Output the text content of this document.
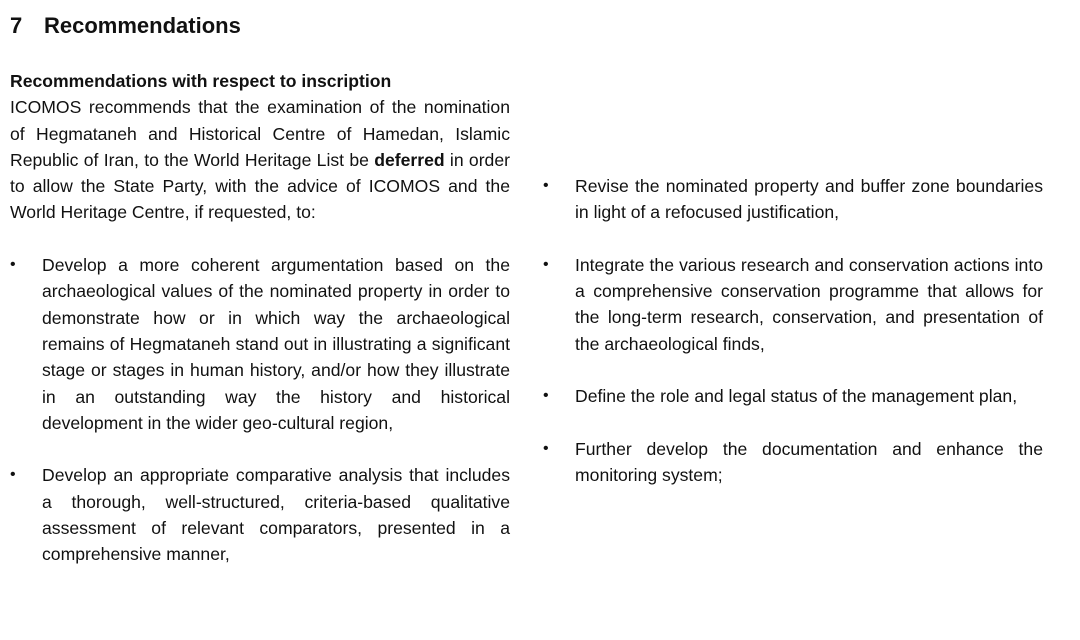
7 Recommendations

Recommendations with respect to inscription

ICOMOS recommends that the examination of the nomination of Hegmataneh and Historical Centre of Hamedan, Islamic Republic of Iran, to the World Heritage List be deferred in order to allow the State Party, with the advice of ICOMOS and the World Heritage Centre, if requested, to:

• Develop a more coherent argumentation based on the archaeological values of the nominated property in order to demonstrate how or in which way the archaeological remains of Hegmataneh stand out in illustrating a significant stage or stages in human history, and/or how they illustrate in an outstanding way the history and historical development in the wider geo-cultural region,
• Develop an appropriate comparative analysis that includes a thorough, well-structured, criteria-based qualitative assessment of relevant comparators, presented in a comprehensive manner,
• Revise the nominated property and buffer zone boundaries in light of a refocused justification,
• Integrate the various research and conservation actions into a comprehensive conservation programme that allows for the long-term research, conservation, and presentation of the archaeological finds,
• Define the role and legal status of the management plan,
• Further develop the documentation and enhance the monitoring system;
